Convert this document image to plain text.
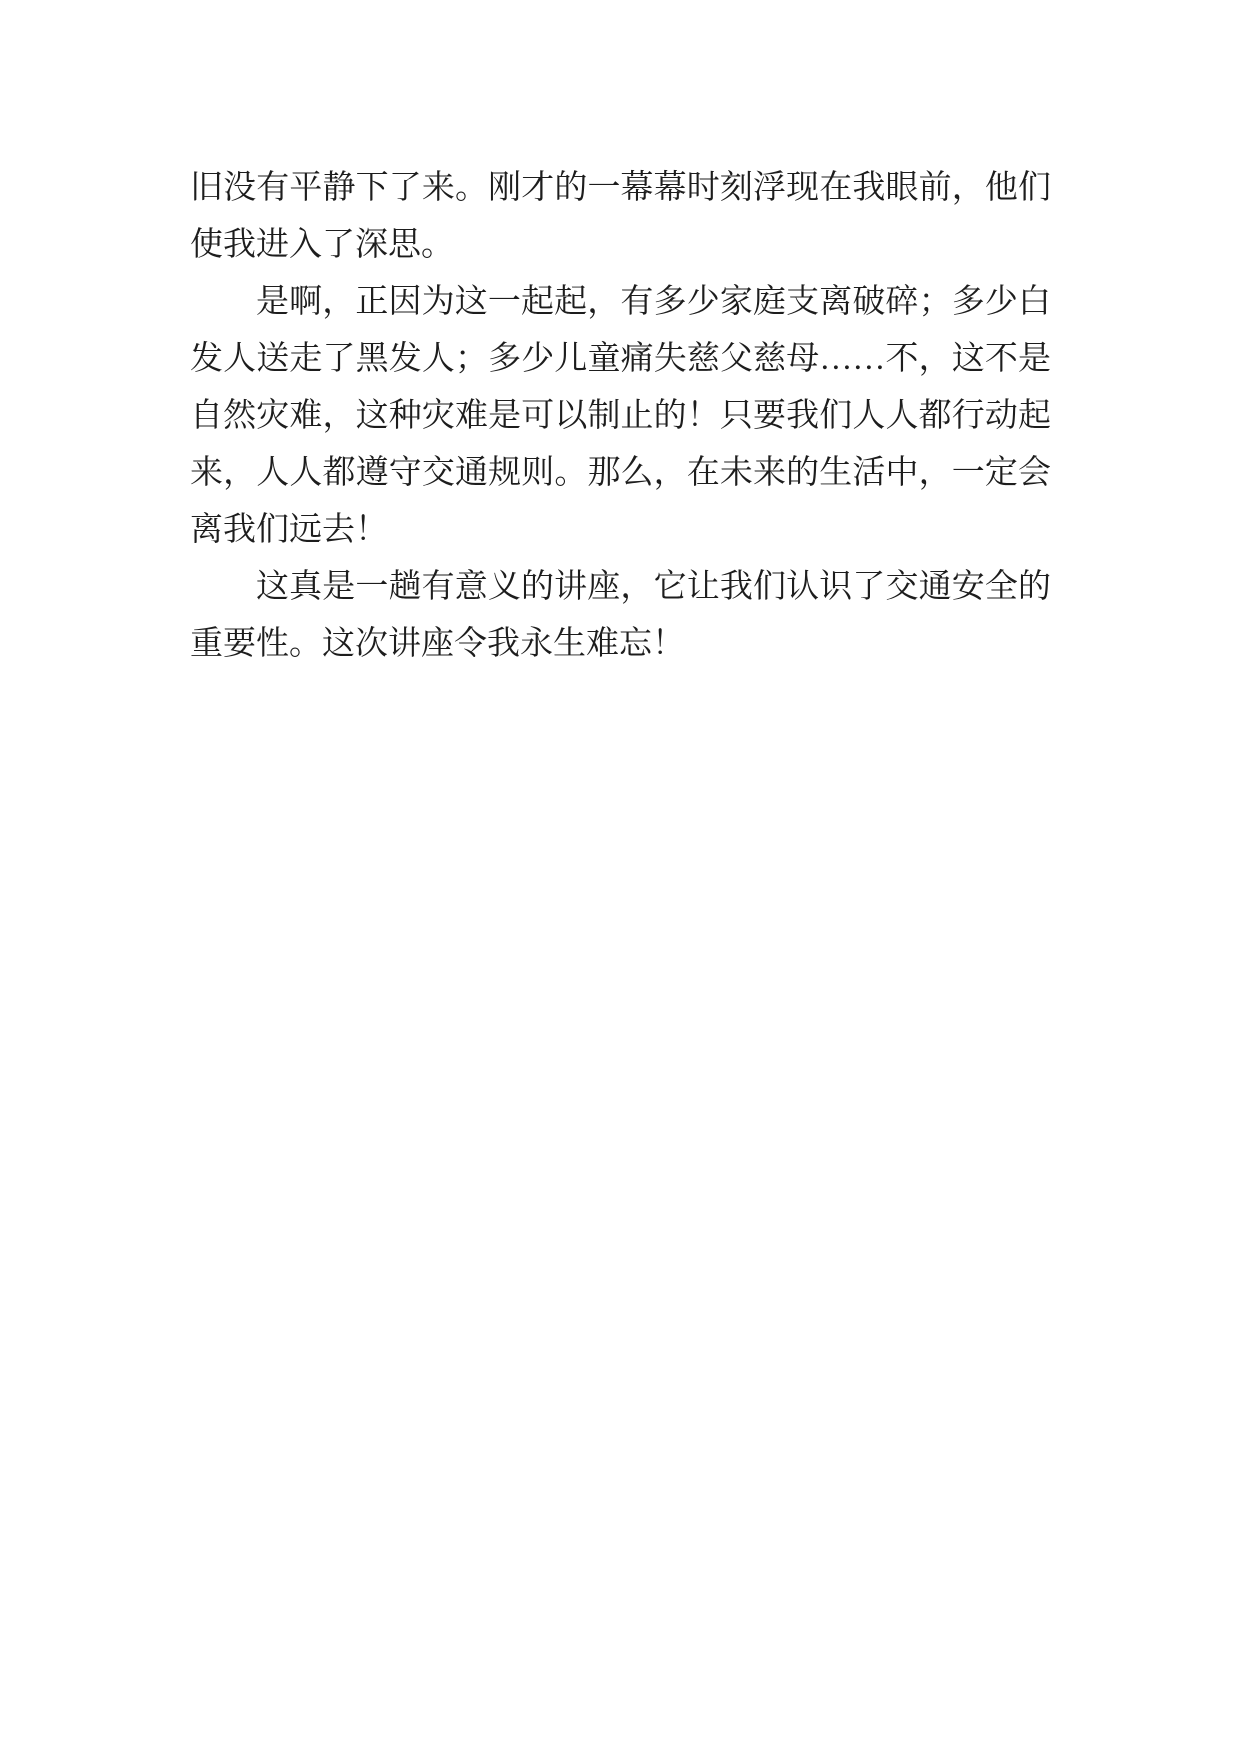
旧没有平静下了来。刚才的一幕幕时刻浮现在我眼前，他们使我进入了深思。

是啊，正因为这一起起，有多少家庭支离破碎；多少白发人送走了黑发人；多少儿童痛失慈父慈母……不，这不是自然灾难，这种灾难是可以制止的！只要我们人人都行动起来，人人都遵守交通规则。那么，在未来的生活中，一定会离我们远去！

这真是一趟有意义的讲座，它让我们认识了交通安全的重要性。这次讲座令我永生难忘！
